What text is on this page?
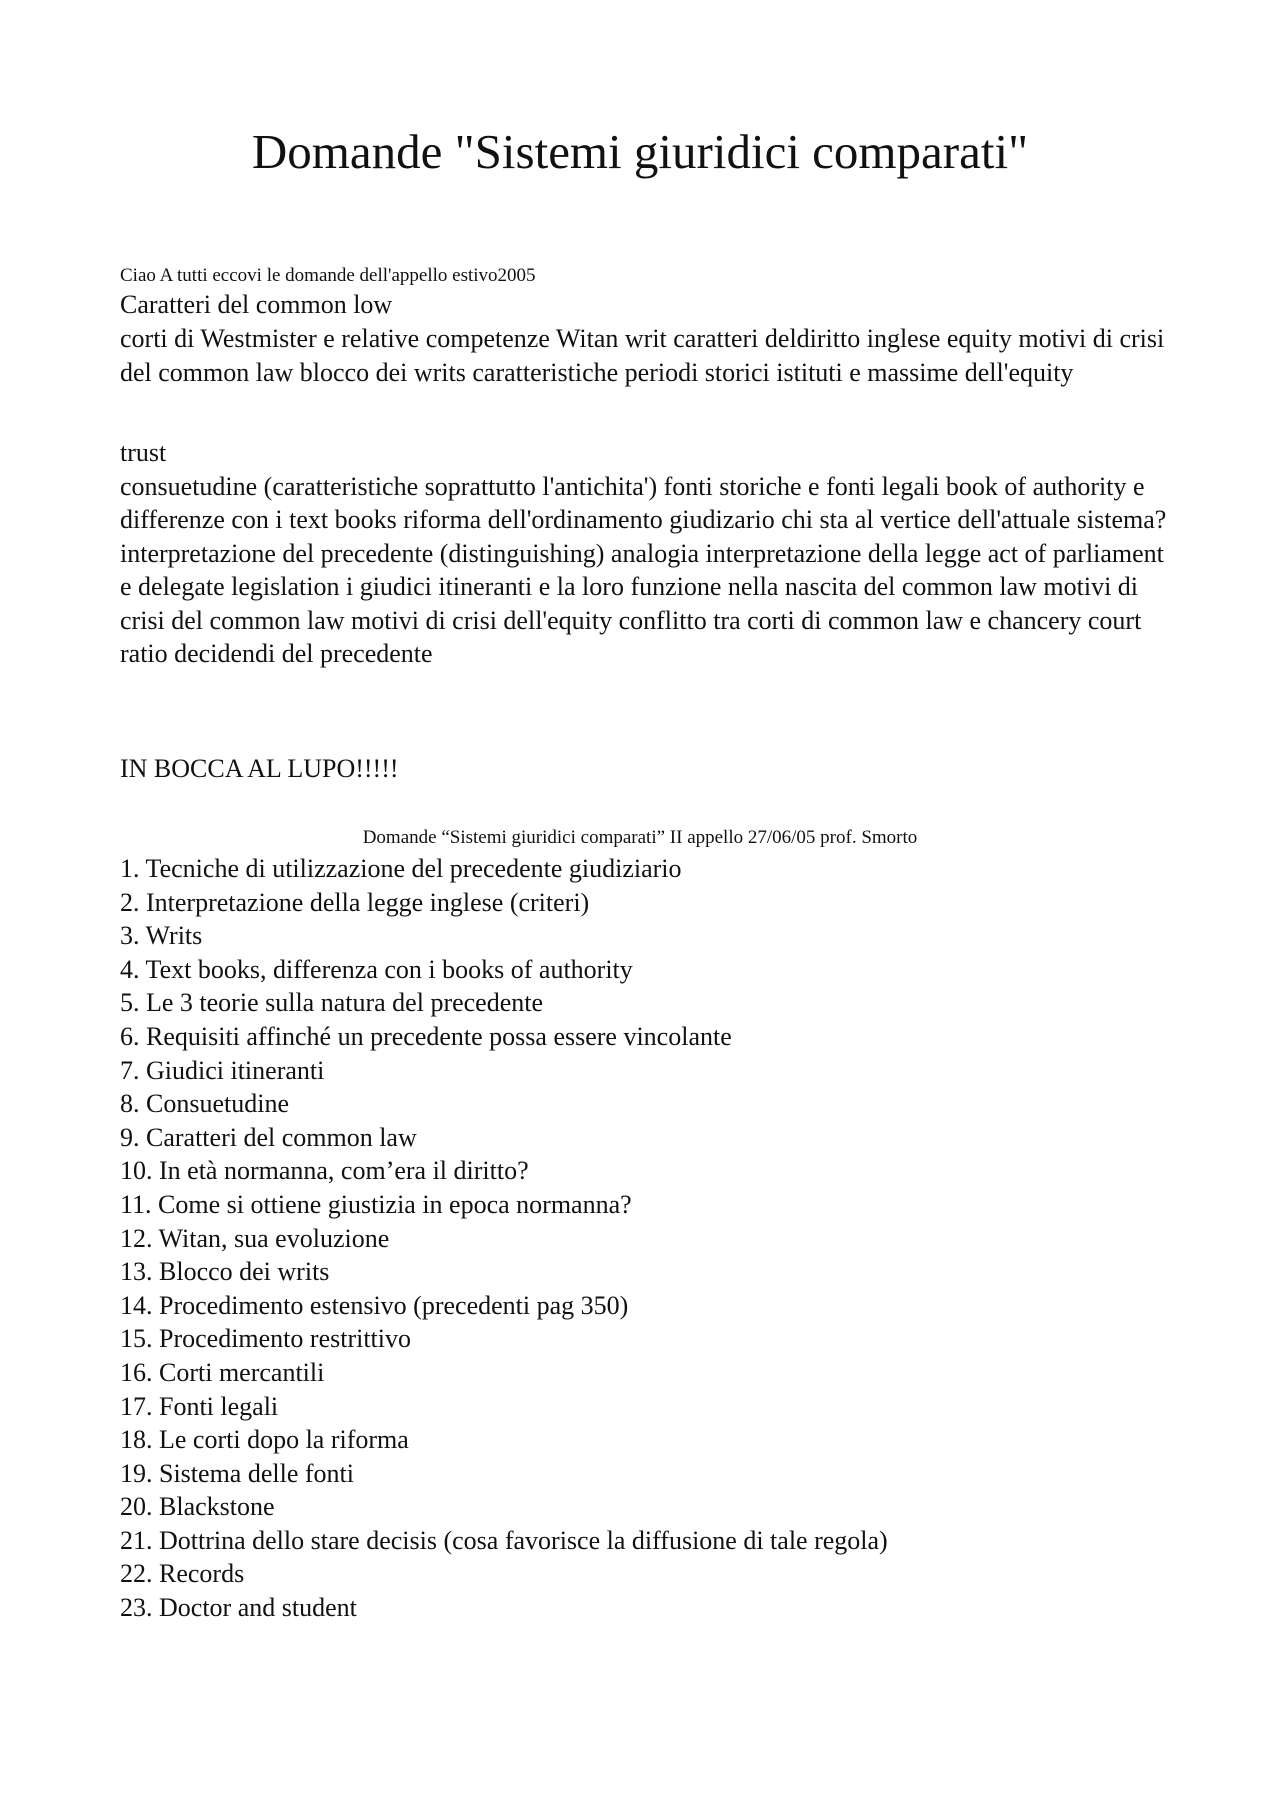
Domande "Sistemi giuridici comparati"
Ciao A tutti eccovi le domande dell'appello estivo2005

Caratteri del common low

corti di Westmister e relative competenze Witan writ caratteri deldiritto inglese equity motivi di crisi del common law blocco dei writs caratteristiche periodi storici istituti e massime dell'equity

trust

consuetudine (caratteristiche soprattutto l'antichita') fonti storiche e fonti legali book of authority e differenze con i text books riforma dell'ordinamento giudizario chi sta al vertice dell'attuale sistema?

interpretazione del precedente (distinguishing) analogia interpretazione della legge act of parliament e delegate legislation i giudici itineranti e la loro funzione nella nascita del common law motivi di crisi del common law motivi di crisi dell'equity conflitto tra corti di common law e chancery court ratio decidendi del precedente

IN BOCCA AL LUPO!!!!!

Domande “Sistemi giuridici comparati” II appello 27/06/05 prof. Smorto
1. Tecniche di utilizzazione del precedente giudiziario
2. Interpretazione della legge inglese (criteri)
3. Writs
4. Text books, differenza con i books of authority
5. Le 3 teorie sulla natura del precedente
6. Requisiti affinché un precedente possa essere vincolante
7. Giudici itineranti
8. Consuetudine
9. Caratteri del common law
10. In età normanna, com’era il diritto?
11. Come si ottiene giustizia in epoca normanna?
12. Witan, sua evoluzione
13. Blocco dei writs
14. Procedimento estensivo (precedenti pag 350)
15. Procedimento restrittivo
16. Corti mercantili
17. Fonti legali
18. Le corti dopo la riforma
19. Sistema delle fonti
20. Blackstone
21. Dottrina dello stare decisis (cosa favorisce la diffusione di tale regola)
22. Records
23. Doctor and student
